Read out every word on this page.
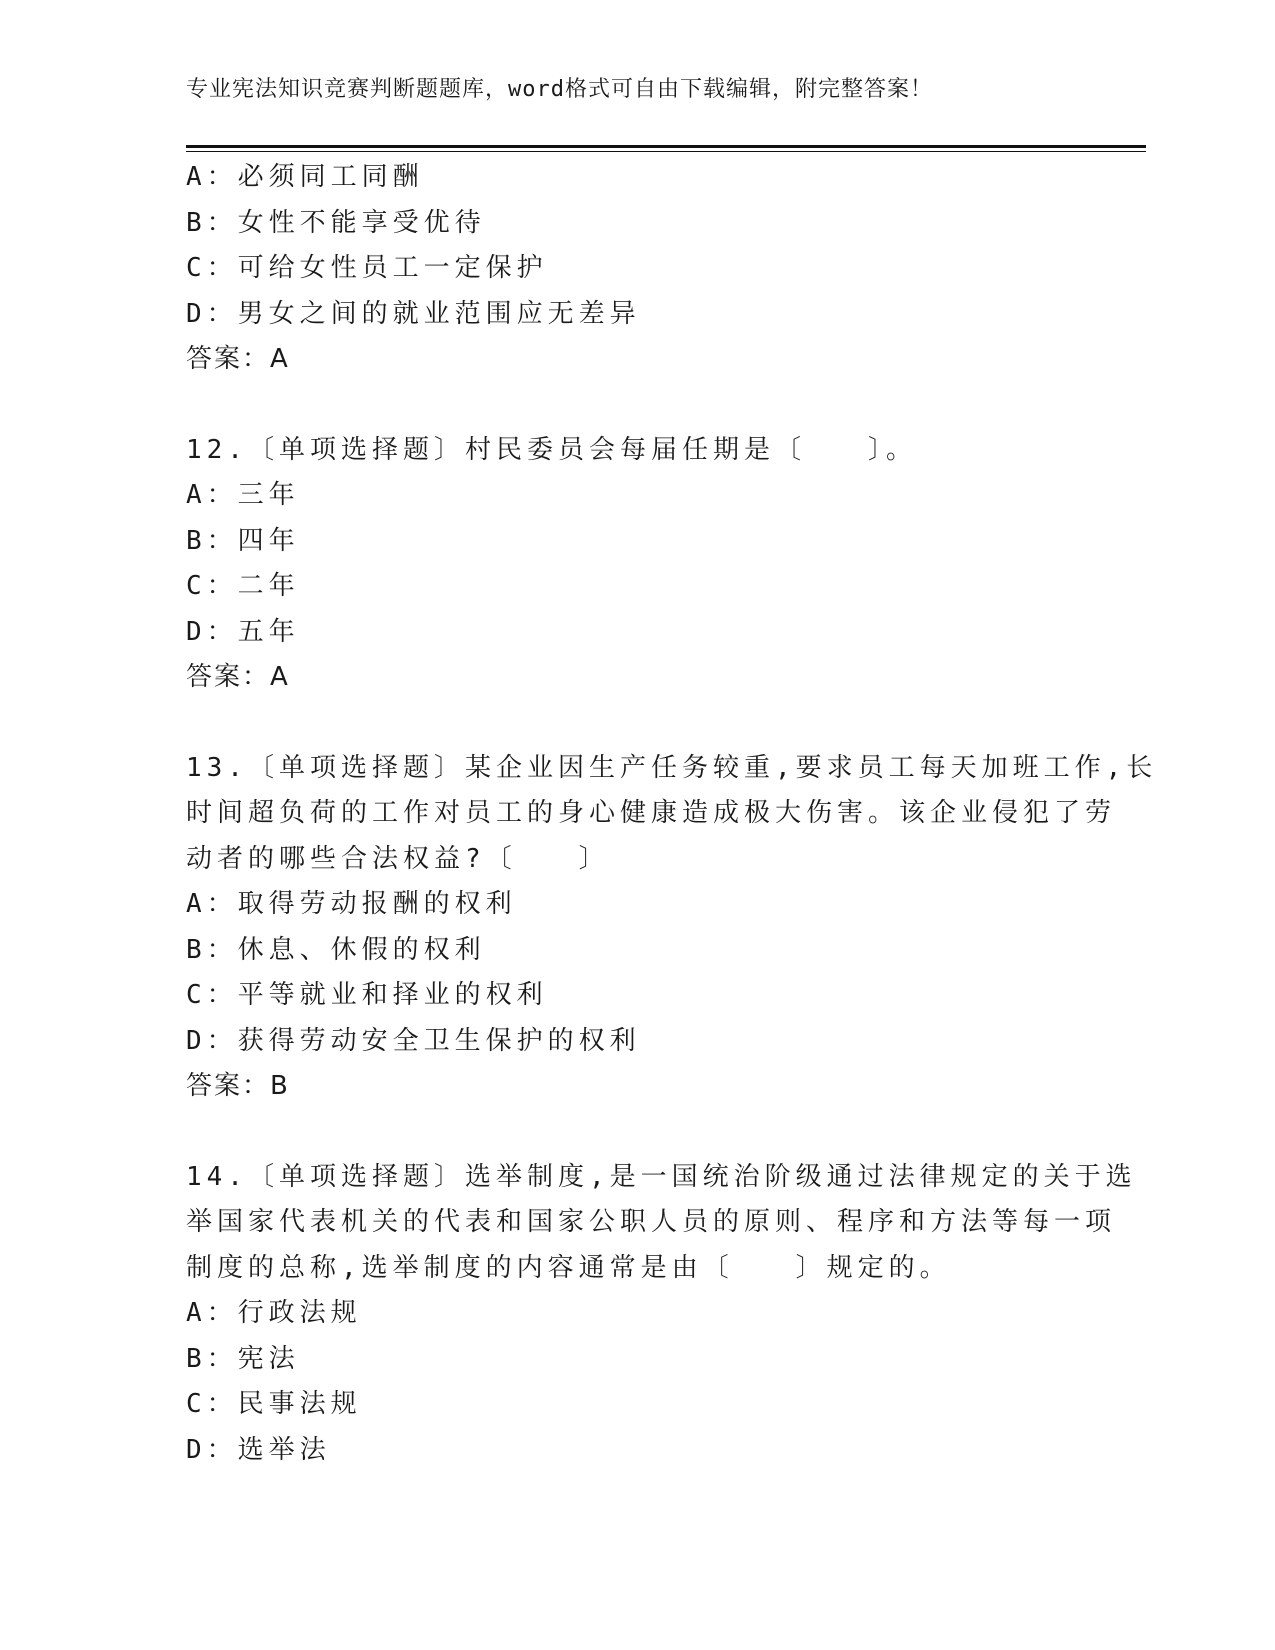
专业宪法知识竞赛判断题题库，word格式可自由下载编辑，附完整答案！
A：必须同工同酬
B：女性不能享受优待
C：可给女性员工一定保护
D：男女之间的就业范围应无差异
答案：A
12.〔单项选择题〕村民委员会每届任期是〔　　〕。
A：三年
B：四年
C：二年
D：五年
答案：A
13.〔单项选择题〕某企业因生产任务较重,要求员工每天加班工作,长
时间超负荷的工作对员工的身心健康造成极大伤害。该企业侵犯了劳
动者的哪些合法权益?〔　　〕
A：取得劳动报酬的权利
B：休息、休假的权利
C：平等就业和择业的权利
D：获得劳动安全卫生保护的权利
答案：B
14.〔单项选择题〕选举制度,是一国统治阶级通过法律规定的关于选
举国家代表机关的代表和国家公职人员的原则、程序和方法等每一项
制度的总称,选举制度的内容通常是由〔　　〕规定的。
A：行政法规
B：宪法
C：民事法规
D：选举法
